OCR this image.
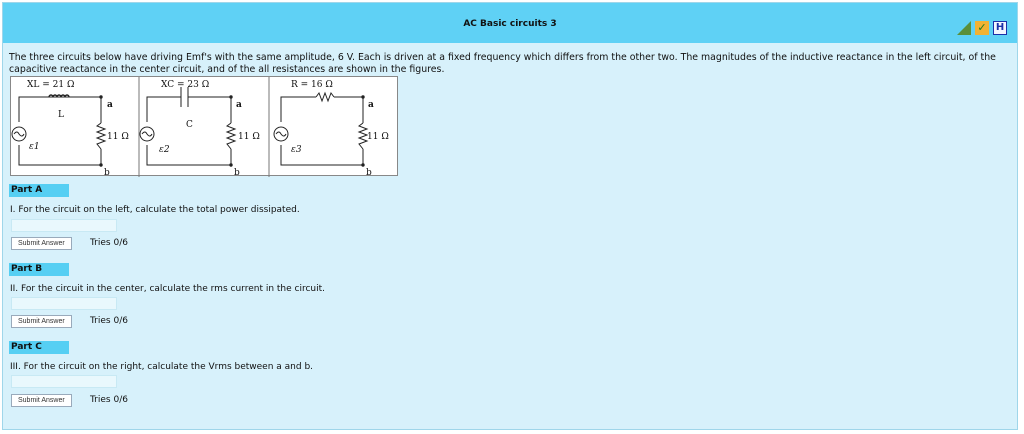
AC Basic circuits 3	✓ H
The three circuits below have driving Emf's with the same amplitude, 6 V. Each is driven at a fixed frequency which differs from the other two. The magnitudes of the inductive reactance in the left circuit, of the capacitive reactance in the center circuit, and of the all resistances are shown in the figures.
XL = 21 Ω
L
a
11 Ω
b
ε1
XC = 23 Ω
C
a
11 Ω
b
ε2
R = 16 Ω
a
11 Ω
b
ε3
Part A
I. For the circuit on the left, calculate the total power dissipated.
Submit Answer	Tries 0/6
Part B
II. For the circuit in the center, calculate the rms current in the circuit.
Submit Answer	Tries 0/6
Part C
III. For the circuit on the right, calculate the Vrms between a and b.
Submit Answer	Tries 0/6
